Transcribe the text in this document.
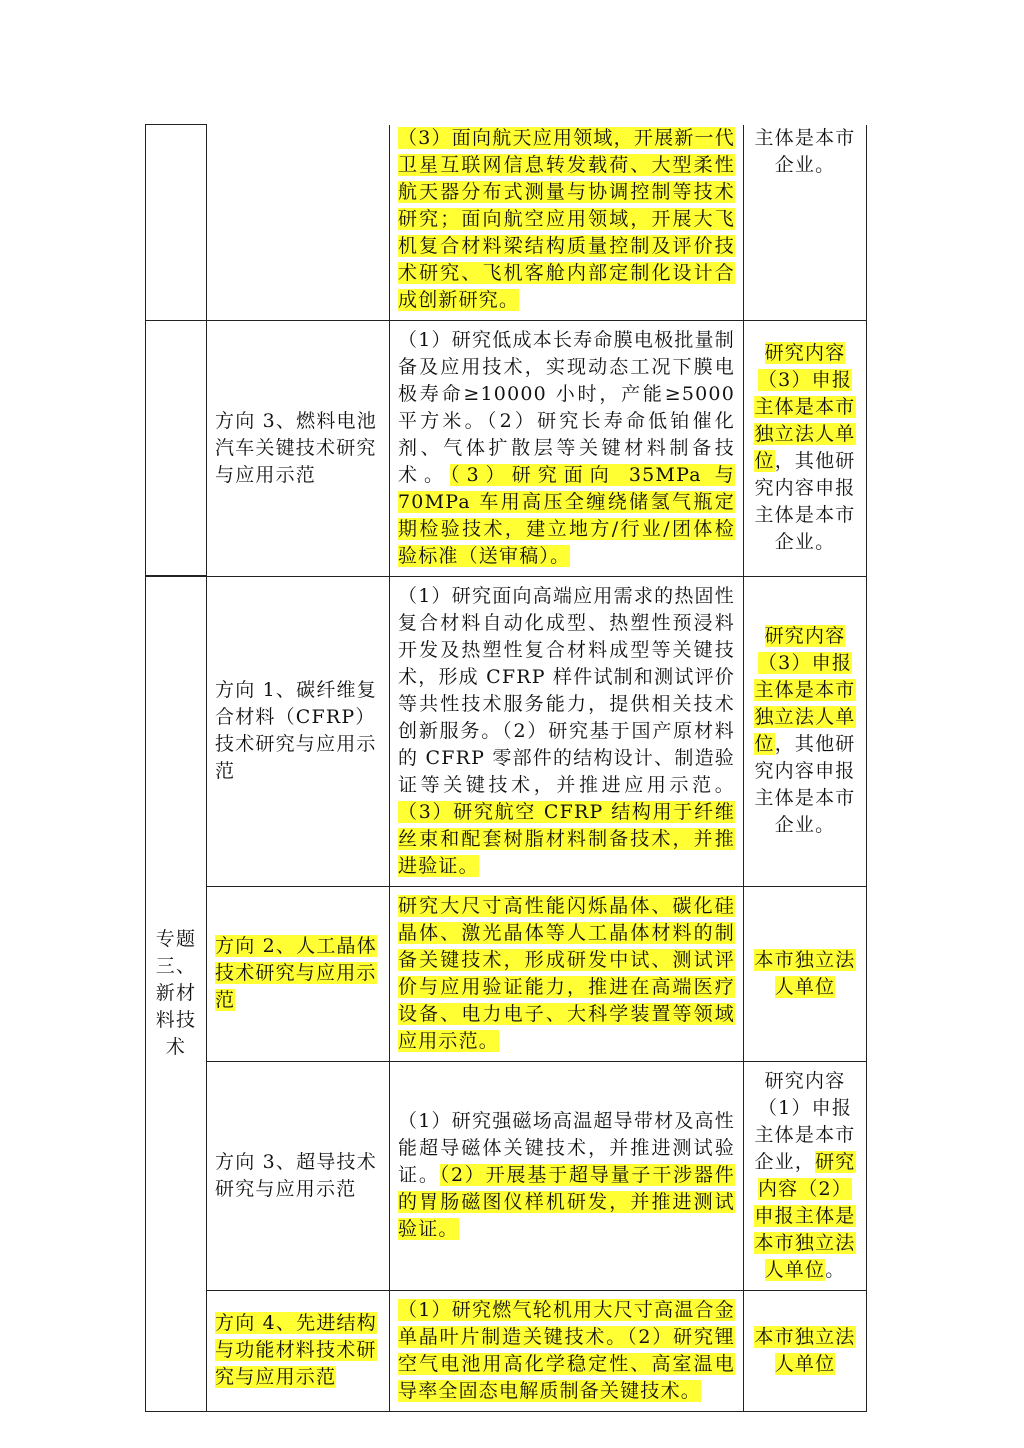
		（3）面向航天应用领域，开展新一代卫星互联网信息转发载荷、大型柔性航天器分布式测量与协调控制等技术研究；面向航空应用领域，开展大飞机复合材料梁结构质量控制及评价技术研究、飞机客舱内部定制化设计合成创新研究。	主体是本市企业。
	方向 3、燃料电池汽车关键技术研究与应用示范	（1）研究低成本长寿命膜电极批量制备及应用技术，实现动态工况下膜电极寿命≥10000 小时，产能≥5000 平方米。（2）研究长寿命低铂催化剂、气体扩散层等关键材料制备技术。（3）研究面向 35MPa 与 70MPa 车用高压全缠绕储氢气瓶定期检验技术，建立地方/行业/团体检验标准（送审稿）。	研究内容（3）申报主体是本市独立法人单位，其他研究内容申报主体是本市企业。
专题三、新材料技术	方向 1、碳纤维复合材料（CFRP）技术研究与应用示范	（1）研究面向高端应用需求的热固性复合材料自动化成型、热塑性预浸料开发及热塑性复合材料成型等关键技术，形成 CFRP 样件试制和测试评价等共性技术服务能力，提供相关技术创新服务。（2）研究基于国产原材料的 CFRP 零部件的结构设计、制造验证等关键技术，并推进应用示范。（3）研究航空 CFRP 结构用于纤维丝束和配套树脂材料制备技术，并推进验证。	研究内容（3）申报主体是本市独立法人单位，其他研究内容申报主体是本市企业。
	方向 2、人工晶体技术研究与应用示范	研究大尺寸高性能闪烁晶体、碳化硅晶体、激光晶体等人工晶体材料的制备关键技术，形成研发中试、测试评价与应用验证能力，推进在高端医疗设备、电力电子、大科学装置等领域应用示范。	本市独立法人单位
	方向 3、超导技术研究与应用示范	（1）研究强磁场高温超导带材及高性能超导磁体关键技术，并推进测试验证。（2）开展基于超导量子干涉器件的胃肠磁图仪样机研发，并推进测试验证。	研究内容（1）申报主体是本市企业，研究内容（2）申报主体是本市独立法人单位。
	方向 4、先进结构与功能材料技术研究与应用示范	（1）研究燃气轮机用大尺寸高温合金单晶叶片制造关键技术。（2）研究锂空气电池用高化学稳定性、高室温电导率全固态电解质制备关键技术。	本市独立法人单位
